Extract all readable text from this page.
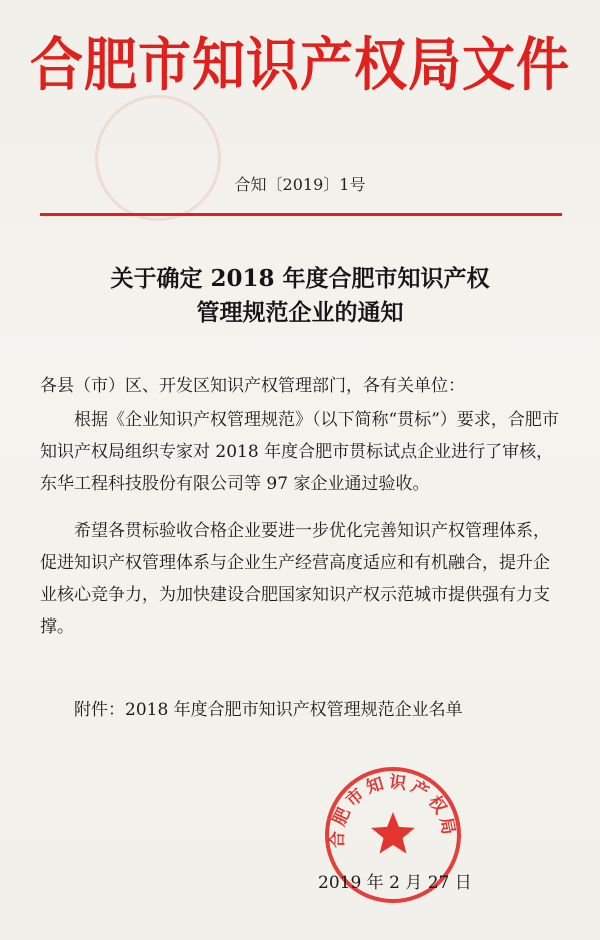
合肥市知识产权局文件
合知〔2019〕1号
关于确定 2018 年度合肥市知识产权
管理规范企业的通知

各县（市）区、开发区知识产权管理部门，各有关单位：

根据《企业知识产权管理规范》（以下简称“贯标”）要求，合肥市知识产权局组织专家对 2018 年度合肥市贯标试点企业进行了审核，东华工程科技股份有限公司等 97 家企业通过验收。

希望各贯标验收合格企业要进一步优化完善知识产权管理体系，促进知识产权管理体系与企业生产经营高度适应和有机融合，提升企业核心竞争力，为加快建设合肥国家知识产权示范城市提供强有力支撑。

附件：2018 年度合肥市知识产权管理规范企业名单

合肥市知识产权局
2019 年 2 月 27 日
